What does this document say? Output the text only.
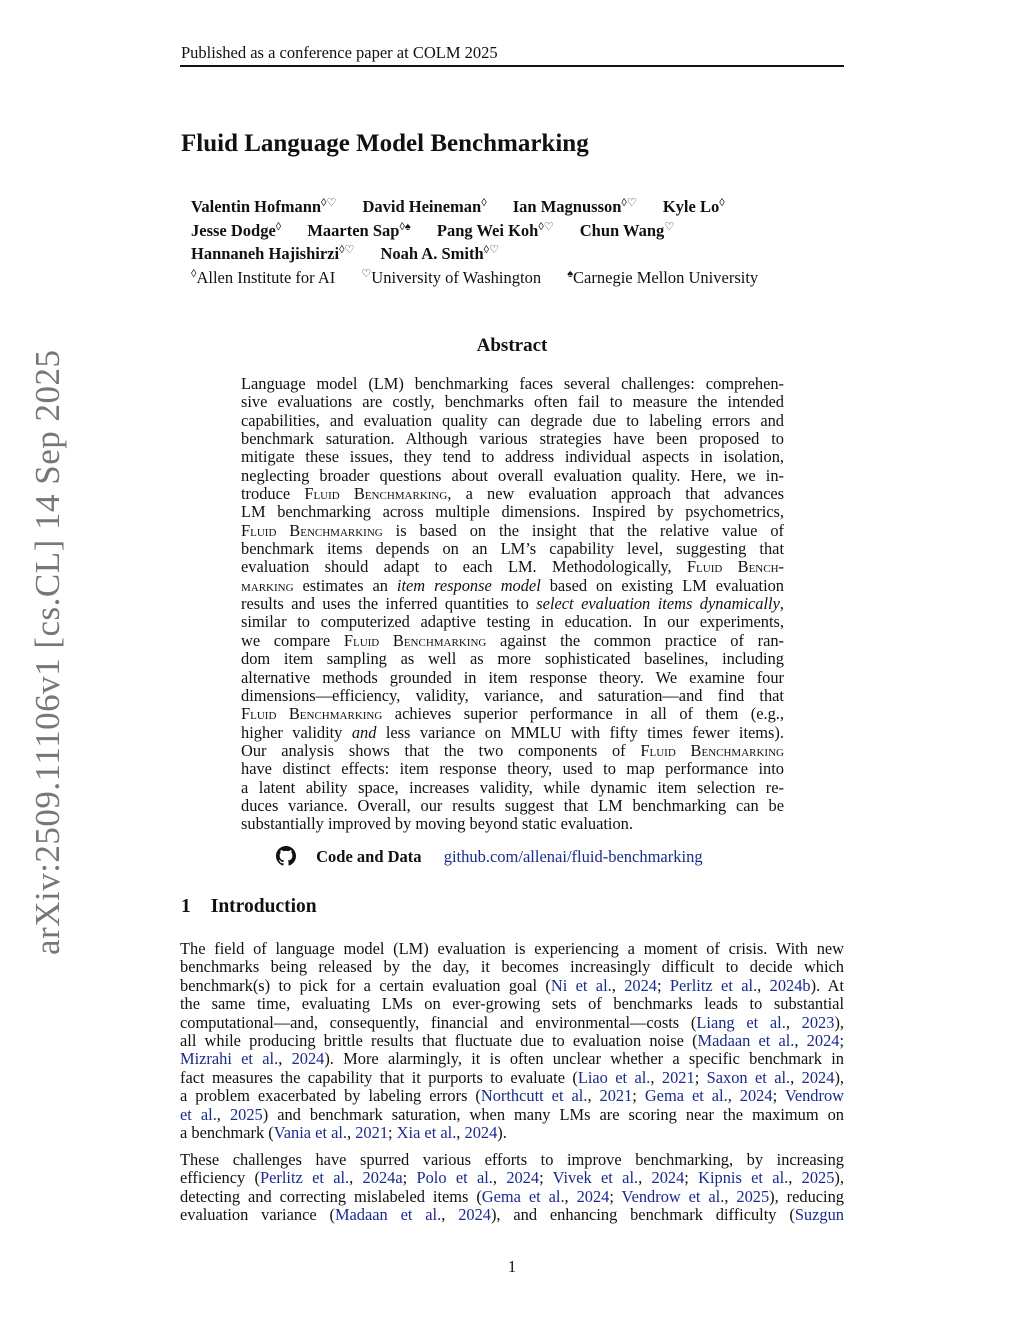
Published as a conference paper at COLM 2025
Fluid Language Model Benchmarking
Valentin Hofmann◊♡ David Heineman◊ Ian Magnusson◊♡ Kyle Lo◊
Jesse Dodge◊ Maarten Sap◊♠ Pang Wei Koh◊♡ Chun Wang♡
Hannaneh Hajishirzi◊♡ Noah A. Smith◊♡
◊Allen Institute for AI ♡University of Washington ♠Carnegie Mellon University
Abstract
Language model (LM) benchmarking faces several challenges: comprehen-
sive evaluations are costly, benchmarks often fail to measure the intended
capabilities, and evaluation quality can degrade due to labeling errors and
benchmark saturation. Although various strategies have been proposed to
mitigate these issues, they tend to address individual aspects in isolation,
neglecting broader questions about overall evaluation quality. Here, we in-
troduce Fluid Benchmarking, a new evaluation approach that advances
LM benchmarking across multiple dimensions. Inspired by psychometrics,
Fluid Benchmarking is based on the insight that the relative value of
benchmark items depends on an LM’s capability level, suggesting that
evaluation should adapt to each LM. Methodologically, Fluid Bench-
marking estimates an item response model based on existing LM evaluation
results and uses the inferred quantities to select evaluation items dynamically,
similar to computerized adaptive testing in education. In our experiments,
we compare Fluid Benchmarking against the common practice of ran-
dom item sampling as well as more sophisticated baselines, including
alternative methods grounded in item response theory. We examine four
dimensions—efficiency, validity, variance, and saturation—and find that
Fluid Benchmarking achieves superior performance in all of them (e.g.,
higher validity and less variance on MMLU with fifty times fewer items).
Our analysis shows that the two components of Fluid Benchmarking
have distinct effects: item response theory, used to map performance into
a latent ability space, increases validity, while dynamic item selection re-
duces variance. Overall, our results suggest that LM benchmarking can be
substantially improved by moving beyond static evaluation.
Code and Data github.com/allenai/fluid-benchmarking
1 Introduction
The field of language model (LM) evaluation is experiencing a moment of crisis. With new
benchmarks being released by the day, it becomes increasingly difficult to decide which
benchmark(s) to pick for a certain evaluation goal (Ni et al., 2024; Perlitz et al., 2024b). At
the same time, evaluating LMs on ever-growing sets of benchmarks leads to substantial
computational—and, consequently, financial and environmental—costs (Liang et al., 2023),
all while producing brittle results that fluctuate due to evaluation noise (Madaan et al., 2024;
Mizrahi et al., 2024). More alarmingly, it is often unclear whether a specific benchmark in
fact measures the capability that it purports to evaluate (Liao et al., 2021; Saxon et al., 2024),
a problem exacerbated by labeling errors (Northcutt et al., 2021; Gema et al., 2024; Vendrow
et al., 2025) and benchmark saturation, when many LMs are scoring near the maximum on
a benchmark (Vania et al., 2021; Xia et al., 2024).
These challenges have spurred various efforts to improve benchmarking, by increasing
efficiency (Perlitz et al., 2024a; Polo et al., 2024; Vivek et al., 2024; Kipnis et al., 2025),
detecting and correcting mislabeled items (Gema et al., 2024; Vendrow et al., 2025), reducing
evaluation variance (Madaan et al., 2024), and enhancing benchmark difficulty (Suzgun
arXiv:2509.11106v1 [cs.CL] 14 Sep 2025
1
